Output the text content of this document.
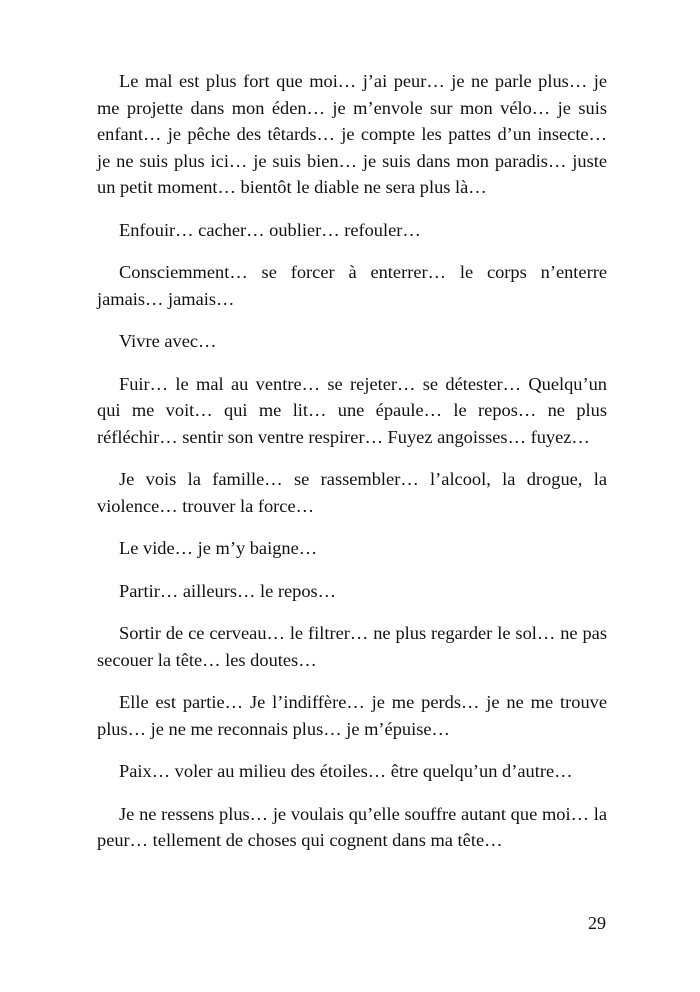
Le mal est plus fort que moi… j’ai peur… je ne parle plus… je me projette dans mon éden… je m’envole sur mon vélo… je suis enfant… je pêche des têtards… je compte les pattes d’un insecte… je ne suis plus ici… je suis bien… je suis dans mon paradis… juste un petit moment… bientôt le diable ne sera plus là…

Enfouir… cacher… oublier… refouler…

Consciemment… se forcer à enterrer… le corps n’enterre jamais… jamais…

Vivre avec…

Fuir… le mal au ventre… se rejeter… se détester… Quelqu’un qui me voit… qui me lit… une épaule… le repos… ne plus réfléchir… sentir son ventre respirer… Fuyez angoisses… fuyez…

Je vois la famille… se rassembler… l’alcool, la drogue, la violence… trouver la force…

Le vide… je m’y baigne…

Partir… ailleurs… le repos…

Sortir de ce cerveau… le filtrer… ne plus regarder le sol… ne pas secouer la tête… les doutes…

Elle est partie… Je l’indiffère… je me perds… je ne me trouve plus… je ne me reconnais plus… je m’épuise…

Paix… voler au milieu des étoiles… être quelqu’un d’autre…

Je ne ressens plus… je voulais qu’elle souffre autant que moi… la peur… tellement de choses qui cognent dans ma tête…

29
